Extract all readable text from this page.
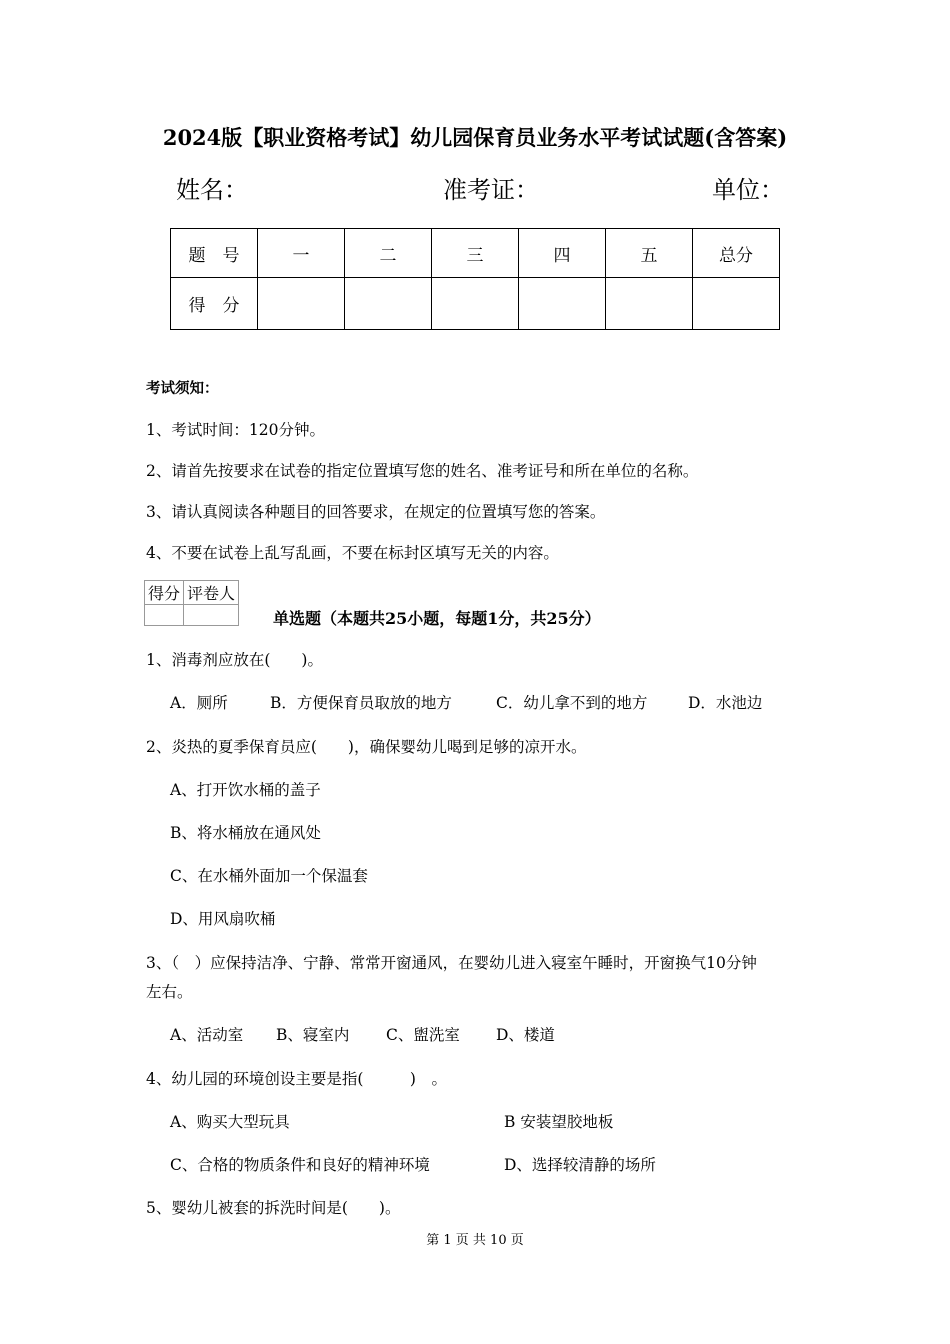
2024版【职业资格考试】幼儿园保育员业务水平考试试题(含答案)
姓名：	准考证：	单位：
题　号	一	二	三	四	五	总分
得　分						
考试须知：
1、考试时间：120分钟。
2、请首先按要求在试卷的指定位置填写您的姓名、准考证号和所在单位的名称。
3、请认真阅读各种题目的回答要求，在规定的位置填写您的答案。
4、不要在试卷上乱写乱画，不要在标封区填写无关的内容。
得分	评卷人

单选题（本题共25小题，每题1分，共25分）
1、消毒剂应放在(　　)。
A．厕所	B．方便保育员取放的地方	C．幼儿拿不到的地方	D．水池边
2、炎热的夏季保育员应(　　)，确保婴幼儿喝到足够的凉开水。
A、打开饮水桶的盖子
B、将水桶放在通风处
C、在水桶外面加一个保温套
D、用风扇吹桶
3、（　）应保持洁净、宁静、常常开窗通风，在婴幼儿进入寝室午睡时，开窗换气10分钟
左右。
A、活动室 B、寝室内 C、盥洗室 D、楼道
4、幼儿园的环境创设主要是指(　　　)　。
A、购买大型玩具	B 安装望胶地板
C、合格的物质条件和良好的精神环境	D、选择较清静的场所
5、婴幼儿被套的拆洗时间是(　　)。
第 1 页 共 10 页
